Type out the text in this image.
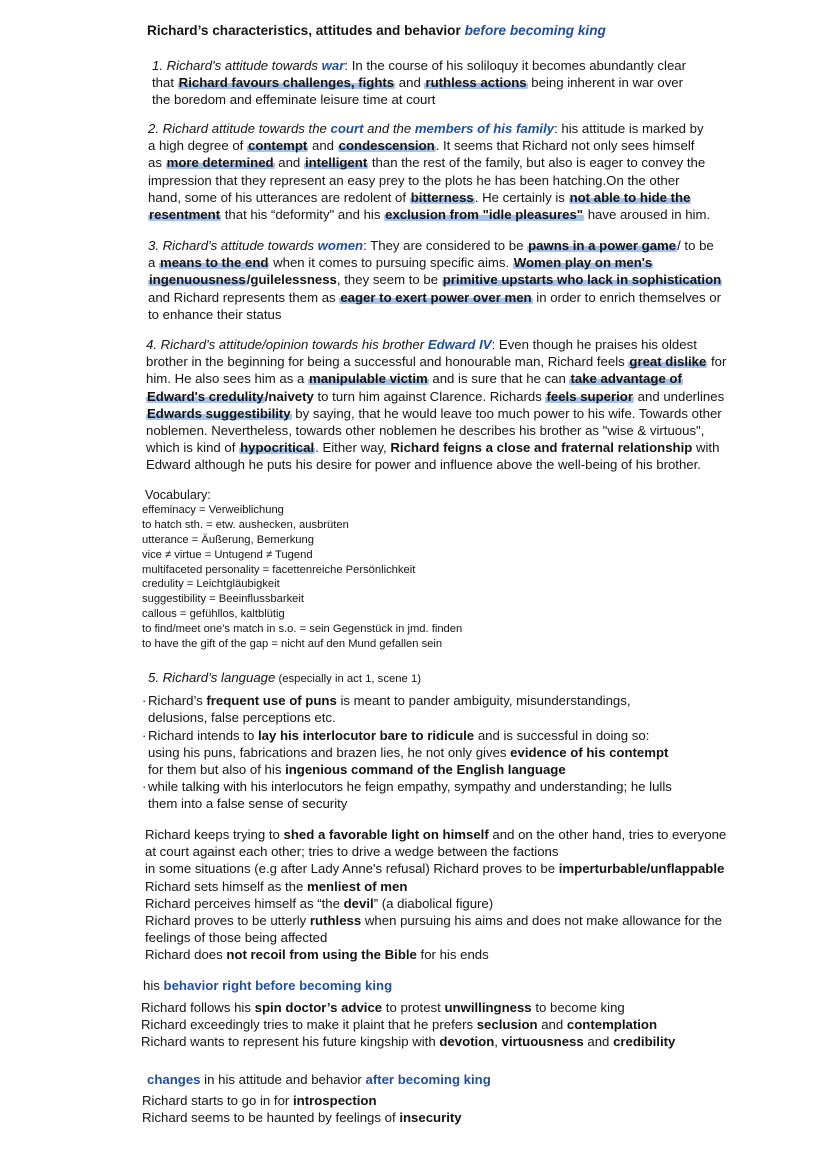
Richard’s characteristics, attitudes and behavior before becoming king
1. Richard's attitude towards war: In the course of his soliloquy it becomes abundantly clear
that Richard favours challenges, fights and ruthless actions being inherent in war over
the boredom and effeminate leisure time at court
2. Richard attitude towards the court and the members of his family: his attitude is marked by
a high degree of contempt and condescension. It seems that Richard not only sees himself
as more determined and intelligent than the rest of the family, but also is eager to convey the
impression that they represent an easy prey to the plots he has been hatching.On the other
hand, some of his utterances are redolent of bitterness. He certainly is not able to hide the
resentment that his “deformity" and his exclusion from "idle pleasures" have aroused in him.
3. Richard's attitude towards women: They are considered to be pawns in a power game/ to be
a means to the end when it comes to pursuing specific aims. Women play on men's
ingenuousness/guilelessness, they seem to be primitive upstarts who lack in sophistication
and Richard represents them as eager to exert power over men in order to enrich themselves or
to enhance their status
4. Richard's attitude/opinion towards his brother Edward IV: Even though he praises his oldest
brother in the beginning for being a successful and honourable man, Richard feels great dislike for
him. He also sees him as a manipulable victim and is sure that he can take advantage of
Edward's credulity/naivety to turn him against Clarence. Richards feels superior and underlines
Edwards suggestibility by saying, that he would leave too much power to his wife. Towards other
noblemen. Nevertheless, towards other noblemen he describes his brother as "wise & virtuous",
which is kind of hypocritical. Either way, Richard feigns a close and fraternal relationship with
Edward although he puts his desire for power and influence above the well-being of his brother.
Vocabulary:
effeminacy = Verweiblichung
to hatch sth. = etw. aushecken, ausbrüten
utterance = Äußerung, Bemerkung
vice ≠ virtue = Untugend ≠ Tugend
multifaceted personality = facettenreiche Persönlichkeit
credulity = Leichtgläubigkeit
suggestibility = Beeinflussbarkeit
callous = gefühllos, kaltblütig
to find/meet one's match in s.o. = sein Gegenstück in jmd. finden
to have the gift of the gap = nicht auf den Mund gefallen sein
5. Richard’s language (especially in act 1, scene 1)
· Richard’s frequent use of puns is meant to pander ambiguity, misunderstandings,
delusions, false perceptions etc.
· Richard intends to lay his interlocutor bare to ridicule and is successful in doing so:
using his puns, fabrications and brazen lies, he not only gives evidence of his contempt
for them but also of his ingenious command of the English language
· while talking with his interlocutors he feign empathy, sympathy and understanding; he lulls
them into a false sense of security
Richard keeps trying to shed a favorable light on himself and on the other hand, tries to everyone
at court against each other; tries to drive a wedge between the factions
in some situations (e.g after Lady Anne's refusal) Richard proves to be imperturbable/unflappable
Richard sets himself as the menliest of men
Richard perceives himself as “the devil” (a diabolical figure)
Richard proves to be utterly ruthless when pursuing his aims and does not make allowance for the
feelings of those being affected
Richard does not recoil from using the Bible for his ends
his behavior right before becoming king
Richard follows his spin doctor’s advice to protest unwillingness to become king
Richard exceedingly tries to make it plaint that he prefers seclusion and contemplation
Richard wants to represent his future kingship with devotion, virtuousness and credibility
changes in his attitude and behavior after becoming king
Richard starts to go in for introspection
Richard seems to be haunted by feelings of insecurity
